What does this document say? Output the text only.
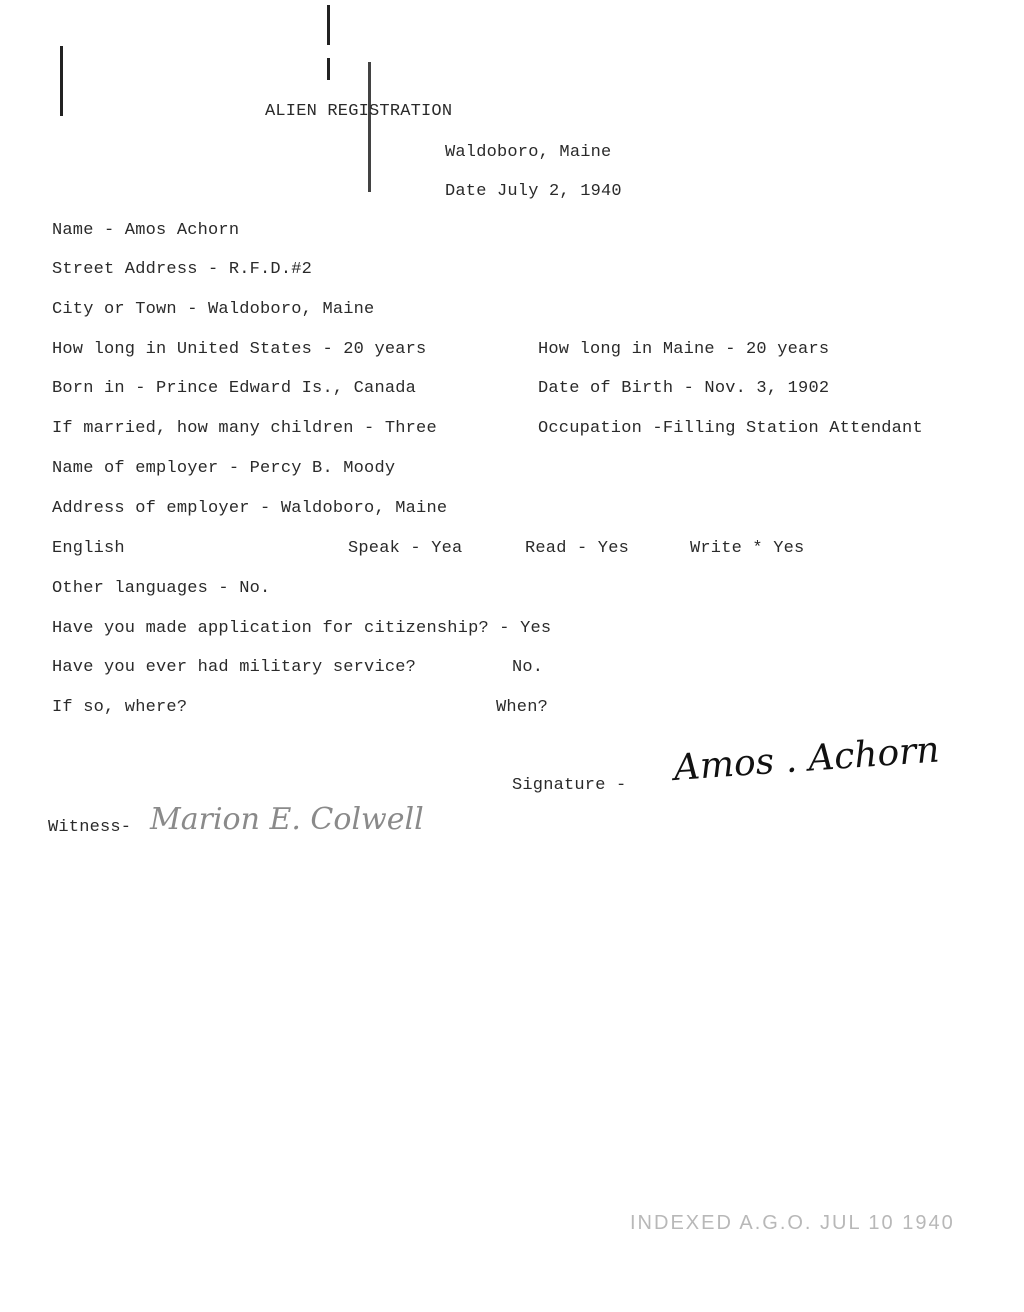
ALIEN REGISTRATION
Waldoboro, Maine
Date July 2, 1940
Name - Amos Achorn
Street Address - R.F.D.#2
City or Town - Waldoboro, Maine
How long in United States - 20 years	How long in Maine - 20 years
Born in - Prince Edward Is., Canada	Date of Birth - Nov. 3, 1902
If married, how many children - Three	Occupation -Filling Station Attendant
Name of employer - Percy B. Moody
Address of employer - Waldoboro, Maine
English	Speak - Yea	Read - Yes	Write * Yes
Other languages - No.
Have you made application for citizenship? - Yes
Have you ever had military service?	No.
If so, where?	When?
Signature - Amos . Achorn
Witness- Marion E. Colwell
INDEXED A.G.O. JUL 10 1940
